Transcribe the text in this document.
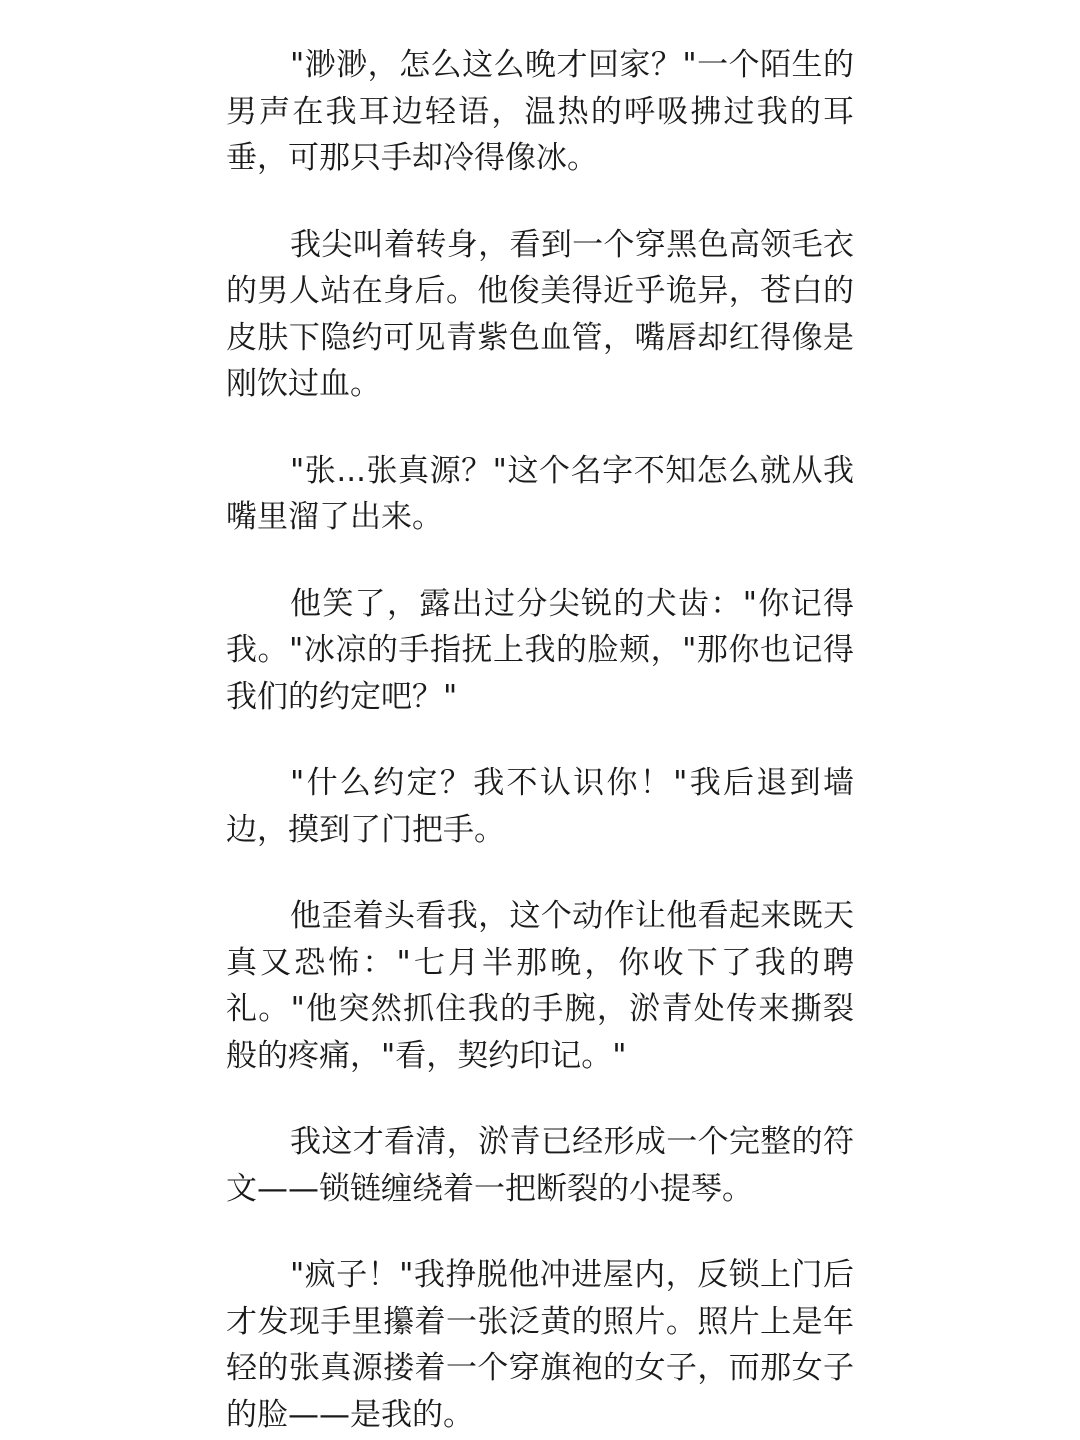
"渺渺，怎么这么晚才回家？"一个陌生的男声在我耳边轻语，温热的呼吸拂过我的耳垂，可那只手却冷得像冰。

我尖叫着转身，看到一个穿黑色高领毛衣的男人站在身后。他俊美得近乎诡异，苍白的皮肤下隐约可见青紫色血管，嘴唇却红得像是刚饮过血。

"张...张真源？"这个名字不知怎么就从我嘴里溜了出来。

他笑了，露出过分尖锐的犬齿："你记得我。"冰凉的手指抚上我的脸颊，"那你也记得我们的约定吧？"

"什么约定？我不认识你！"我后退到墙边，摸到了门把手。

他歪着头看我，这个动作让他看起来既天真又恐怖："七月半那晚，你收下了我的聘礼。"他突然抓住我的手腕，淤青处传来撕裂般的疼痛，"看，契约印记。"

我这才看清，淤青已经形成一个完整的符文——锁链缠绕着一把断裂的小提琴。

"疯子！"我挣脱他冲进屋内，反锁上门后才发现手里攥着一张泛黄的照片。照片上是年轻的张真源搂着一个穿旗袍的女子，而那女子的脸——是我的。
